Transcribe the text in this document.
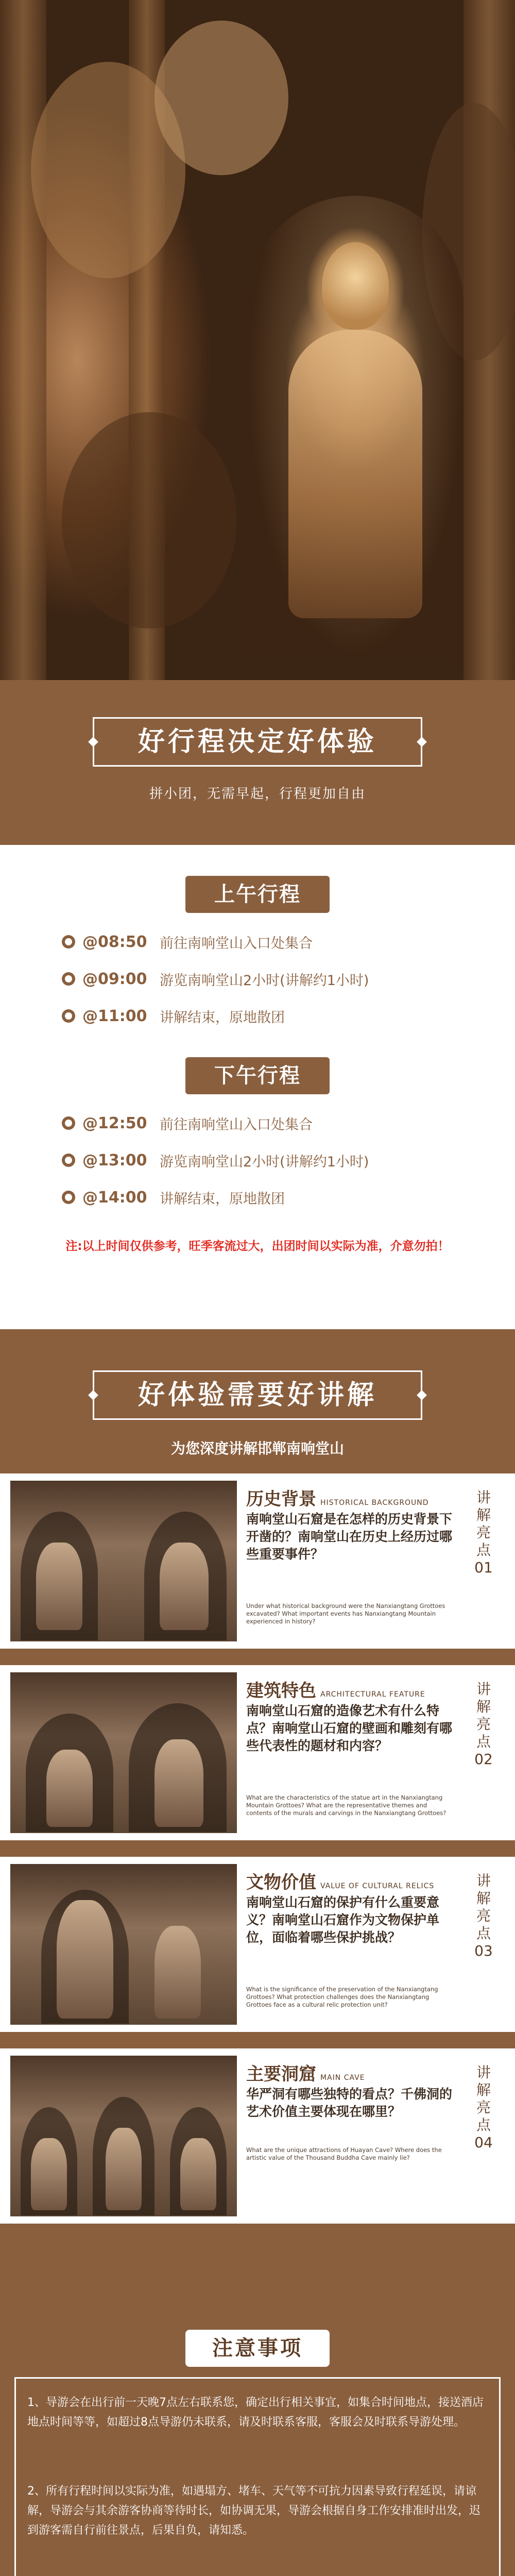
好行程决定好体验
拼小团，无需早起，行程更加自由
上午行程
@08:50 前往南响堂山入口处集合
@09:00 游览南响堂山2小时(讲解约1小时)
@11:00 讲解结束，原地散团
下午行程
@12:50 前往南响堂山入口处集合
@13:00 游览南响堂山2小时(讲解约1小时)
@14:00 讲解结束，原地散团
注:以上时间仅供参考，旺季客流过大，出团时间以实际为准，介意勿拍！
好体验需要好讲解
为您深度讲解邯郸南响堂山
历史背景 HISTORICAL BACKGROUND
南响堂山石窟是在怎样的历史背景下开凿的？南响堂山在历史上经历过哪些重要事件？
Under what historical background were the Nanxiangtang Grottoes excavated? What important events has Nanxiangtang Mountain experienced in history?
讲解亮点01
建筑特色 ARCHITECTURAL FEATURE
南响堂山石窟的造像艺术有什么特点？南响堂山石窟的壁画和雕刻有哪些代表性的题材和内容？
What are the characteristics of the statue art in the Nanxiangtang Mountain Grottoes? What are the representative themes and contents of the murals and carvings in the Nanxiangtang Grottoes?
讲解亮点02
文物价值 VALUE OF CULTURAL RELICS
南响堂山石窟的保护有什么重要意义？南响堂山石窟作为文物保护单位，面临着哪些保护挑战？
What is the significance of the preservation of the Nanxiangtang Grottoes? What protection challenges does the Nanxiangtang Grottoes face as a cultural relic protection unit?
讲解亮点03
主要洞窟 MAIN CAVE
华严洞有哪些独特的看点？千佛洞的艺术价值主要体现在哪里？
What are the unique attractions of Huayan Cave? Where does the artistic value of the Thousand Buddha Cave mainly lie?
讲解亮点04
注意事项

1、导游会在出行前一天晚7点左右联系您，确定出行相关事宜，如集合时间地点，接送酒店地点时间等等，如超过8点导游仍未联系，请及时联系客服，客服会及时联系导游处理。

2、所有行程时间以实际为准，如遇塌方、堵车、天气等不可抗力因素导致行程延误，请谅解，导游会与其余游客协商等待时长，如协调无果，导游会根据自身工作安排准时出发，迟到游客需自行前往景点，后果自负，请知悉。
